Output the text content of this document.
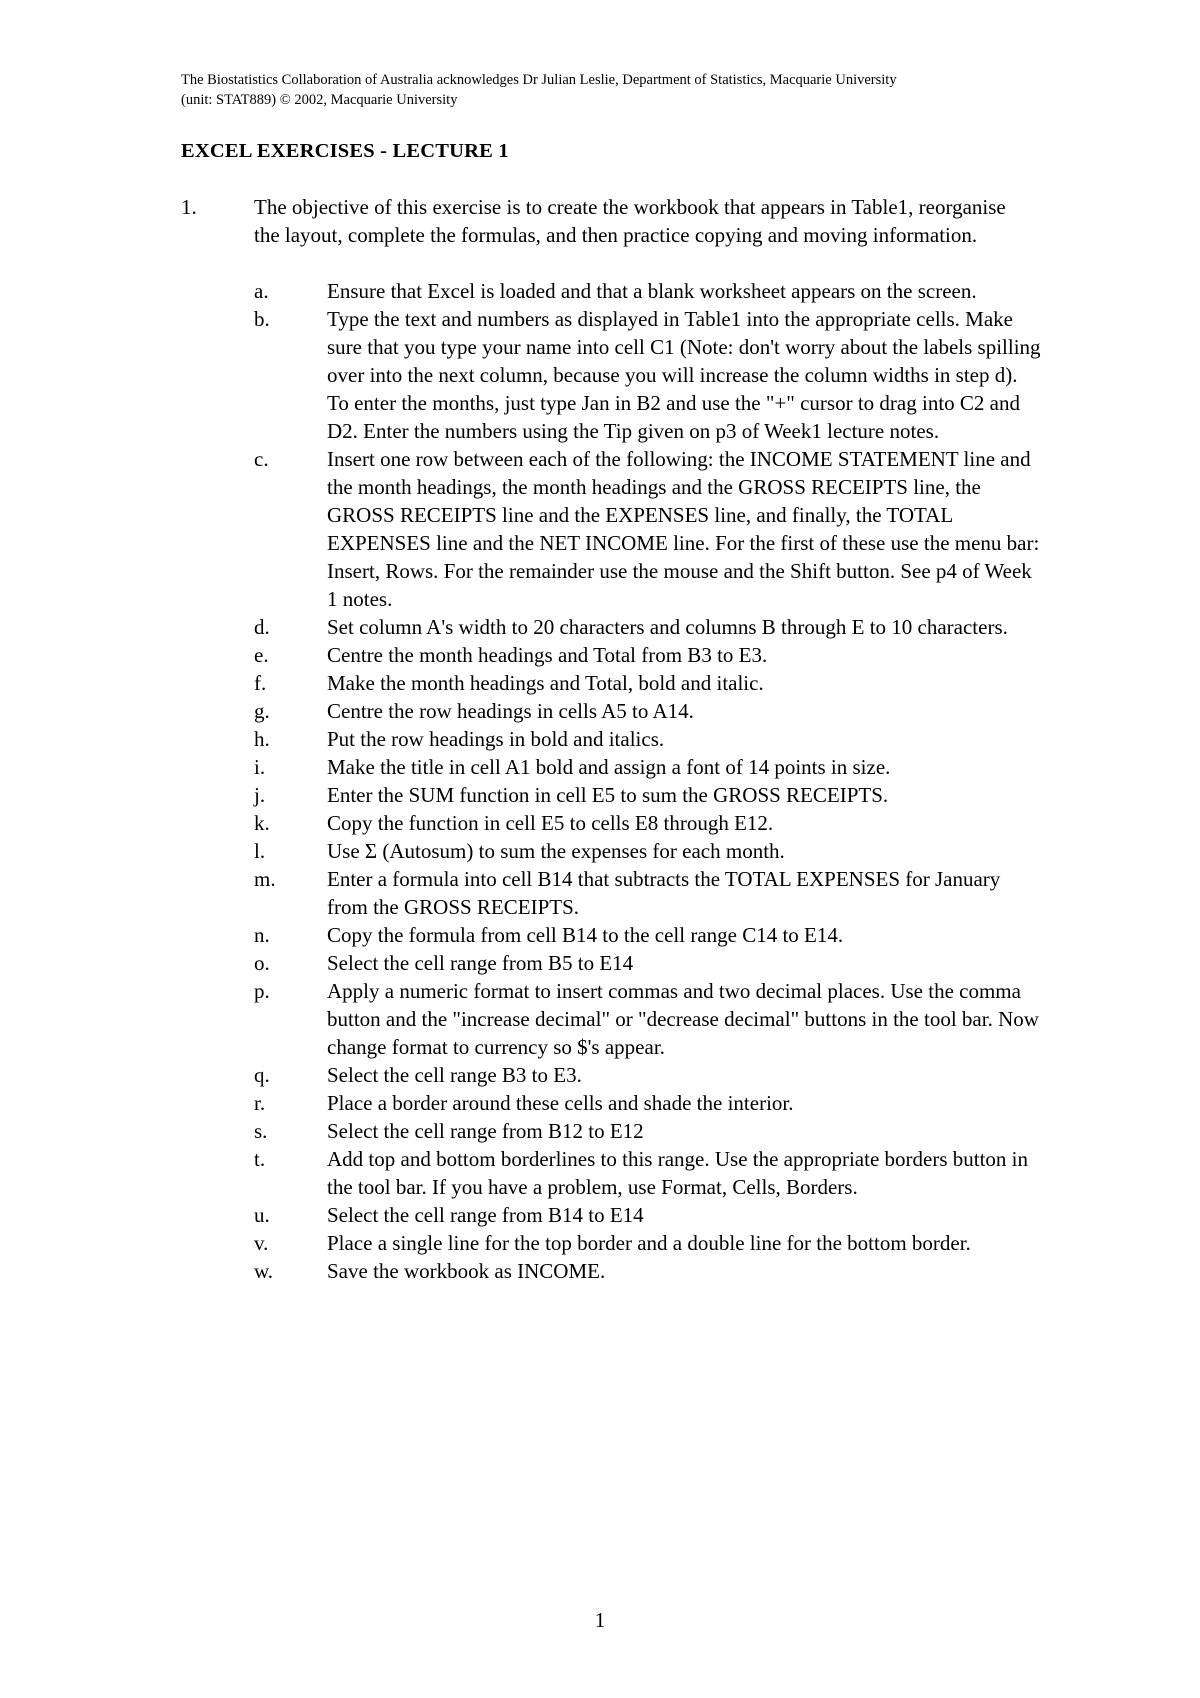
The Biostatistics Collaboration of Australia acknowledges Dr Julian Leslie, Department of Statistics, Macquarie University
(unit: STAT889) © 2002, Macquarie University
EXCEL EXERCISES - LECTURE 1
1.	The objective of this exercise is to create the workbook that appears in Table1, reorganise the layout, complete the formulas, and then practice copying and moving information.
a.	Ensure that Excel is loaded and that a blank worksheet appears on the screen.
b.	Type the text and numbers as displayed in Table1 into the appropriate cells. Make sure that you type your name into cell C1 (Note: don't worry about the labels spilling over into the next column, because you will increase the column widths in step d). To enter the months, just type Jan in B2 and use the "+" cursor to drag into C2 and D2. Enter the numbers using the Tip given on p3 of Week1 lecture notes.
c.	Insert one row between each of the following: the INCOME STATEMENT line and the month headings, the month headings and the GROSS RECEIPTS line, the GROSS RECEIPTS line and the EXPENSES line, and finally, the TOTAL EXPENSES line and the NET INCOME line. For the first of these use the menu bar: Insert, Rows. For the remainder use the mouse and the Shift button. See p4 of Week 1 notes.
d.	Set column A's width to 20 characters and columns B through E to 10 characters.
e.	Centre the month headings and Total from B3 to E3.
f.	Make the month headings and Total, bold and italic.
g.	Centre the row headings in cells A5 to A14.
h.	Put the row headings in bold and italics.
i.	Make the title in cell A1 bold and assign a font of 14 points in size.
j.	Enter the SUM function in cell E5 to sum the GROSS RECEIPTS.
k.	Copy the function in cell E5 to cells E8 through E12.
l.	Use Σ (Autosum) to sum the expenses for each month.
m.	Enter a formula into cell B14 that subtracts the TOTAL EXPENSES for January from the GROSS RECEIPTS.
n.	Copy the formula from cell B14 to the cell range C14 to E14.
o.	Select the cell range from B5 to E14
p.	Apply a numeric format to insert commas and two decimal places. Use the comma button and the "increase decimal" or "decrease decimal" buttons in the tool bar. Now change format to currency so $'s appear.
q.	Select the cell range B3 to E3.
r.	Place a border around these cells and shade the interior.
s.	Select the cell range from B12 to E12
t.	Add top and bottom borderlines to this range. Use the appropriate borders button in the tool bar. If you have a problem, use Format, Cells, Borders.
u.	Select the cell range from B14 to E14
v.	Place a single line for the top border and a double line for the bottom border.
w.	Save the workbook as INCOME.
1
